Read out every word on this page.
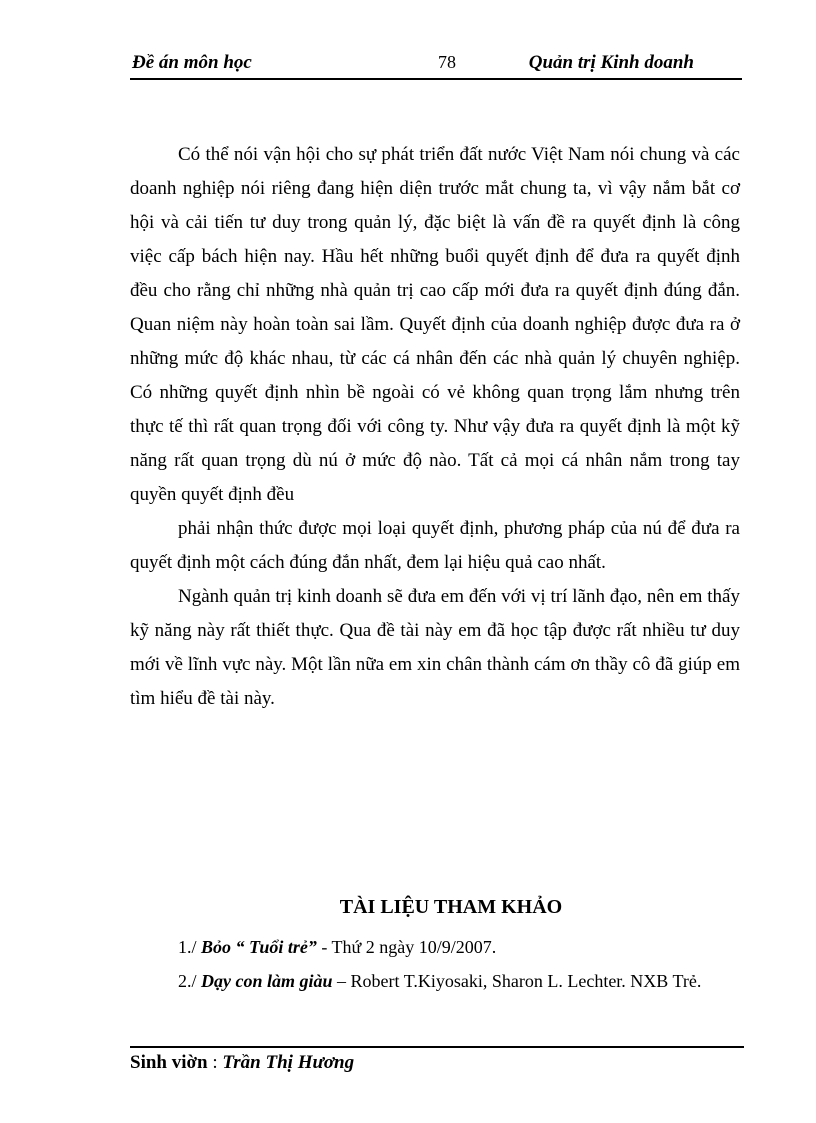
Đề án môn học	78	Quản trị Kinh doanh

Có thể nói vận hội cho sự phát triển đất nước Việt Nam nói chung và các doanh nghiệp nói riêng đang hiện diện trước mắt chung ta, vì vậy nắm bắt cơ hội và cải tiến tư duy trong quản lý, đặc biệt là vấn đề ra quyết định là công việc cấp bách hiện nay. Hầu hết những buổi quyết định để đưa ra quyết định đều cho rằng chỉ những nhà quản trị cao cấp mới đưa ra quyết định đúng đắn. Quan niệm này hoàn toàn sai lầm. Quyết định của doanh nghiệp được đưa ra ở những mức độ khác nhau, từ các cá nhân đến các nhà quản lý chuyên nghiệp. Có những quyết định nhìn bề ngoài có vẻ không quan trọng lắm nhưng trên thực tế thì rất quan trọng đối với công ty. Như vậy đưa ra quyết định là một kỹ năng rất quan trọng dù nú ở mức độ nào. Tất cả mọi cá nhân nắm trong tay quyền quyết định đều

phải nhận thức được mọi loại quyết định, phương pháp của nú để đưa ra quyết định một cách đúng đắn nhất, đem lại hiệu quả cao nhất.

Ngành quản trị kinh doanh sẽ đưa em đến với vị trí lãnh đạo, nên em thấy kỹ năng này rất thiết thực. Qua đề tài này em đã học tập được rất nhiều tư duy mới về lĩnh vực này. Một lần nữa em xin chân thành cám ơn thầy cô đã giúp em tìm hiểu đề tài này.

TÀI LIỆU THAM KHẢO
1./ Bỏo “ Tuổi trẻ” - Thứ 2 ngày 10/9/2007.
2./ Dạy con làm giàu – Robert T.Kiyosaki, Sharon L. Lechter. NXB Trẻ.
Sinh viờn : Trần Thị Hương
